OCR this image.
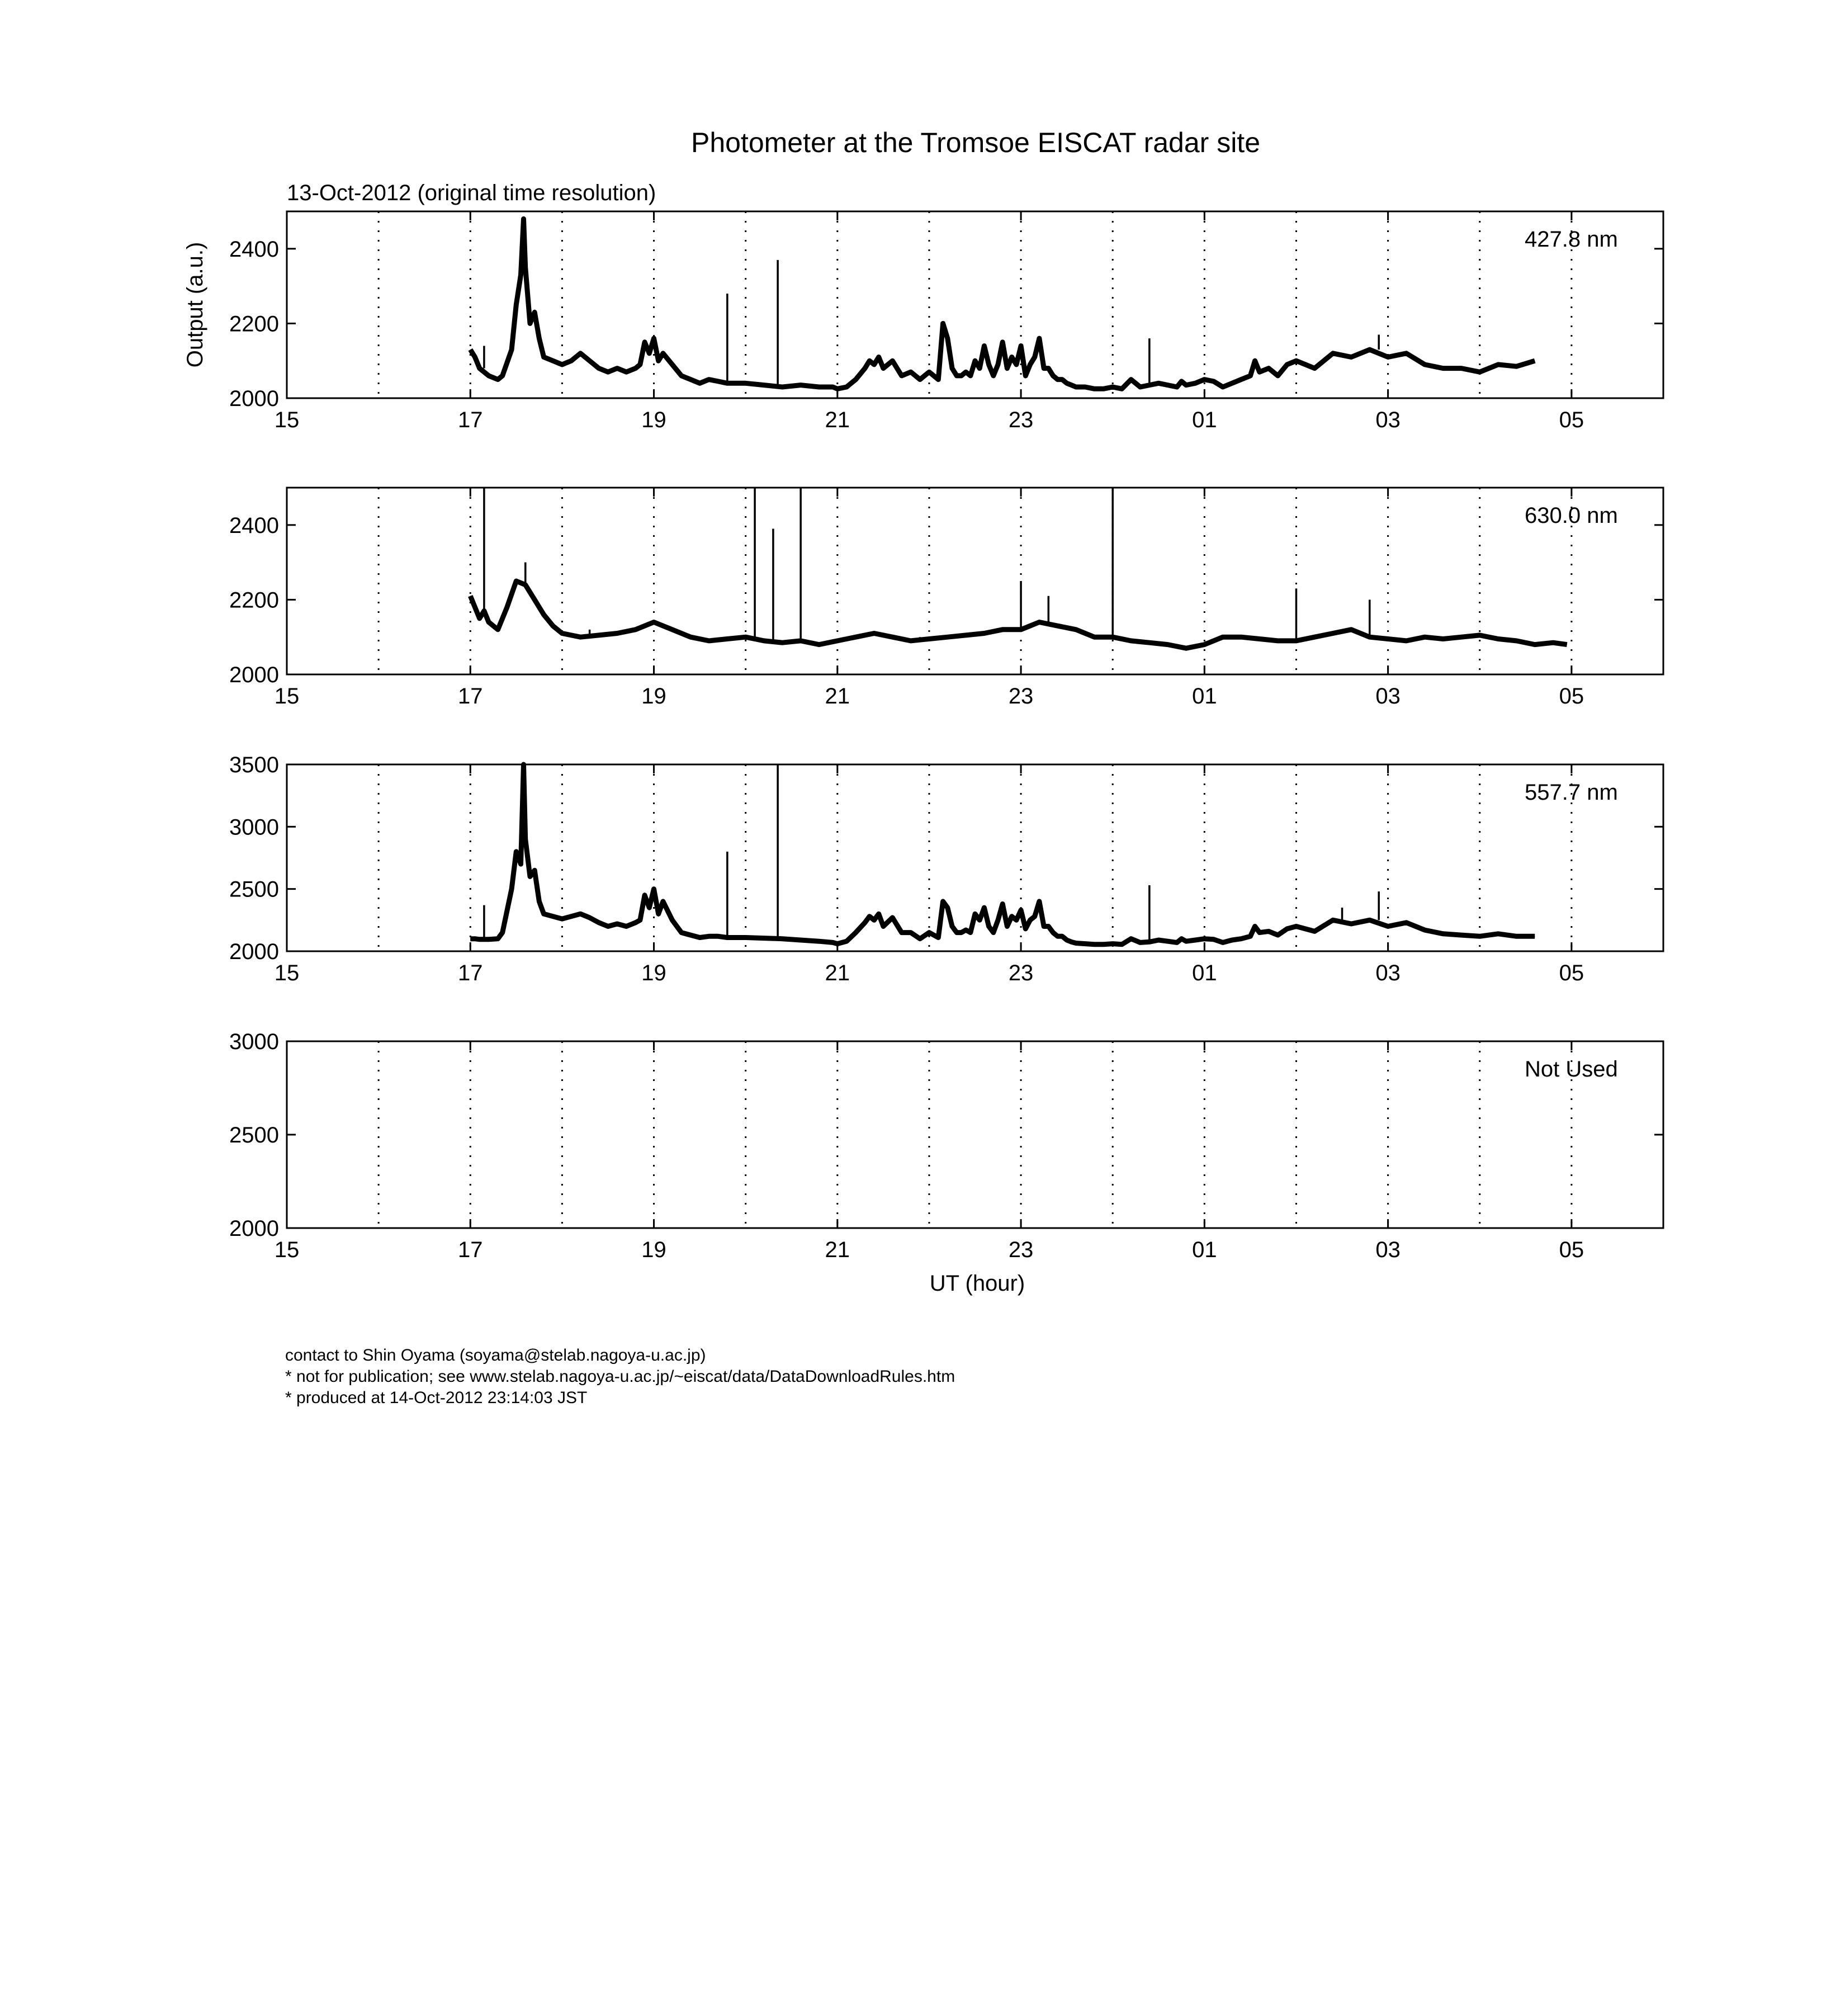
Photometer at the Tromsoe EISCAT radar site
13-Oct-2012 (original time resolution)
15	17	19	21	23	01	03	05
2000
2200
2400	427.8 nm
Output (a.u.)
15	17	19	21	23	01	03	05
2000
2200
2400	630.0 nm
15	17	19	21	23	01	03	05
2000
2500
3000
3500
557.7 nm
15	17	19	21	23	01	03	05
2000
2500
3000
Not Used
UT (hour)
contact to Shin Oyama (soyama@stelab.nagoya-u.ac.jp)
* not for publication; see www.stelab.nagoya-u.ac.jp/~eiscat/data/DataDownloadRules.htm
* produced at 14-Oct-2012 23:14:03 JST
